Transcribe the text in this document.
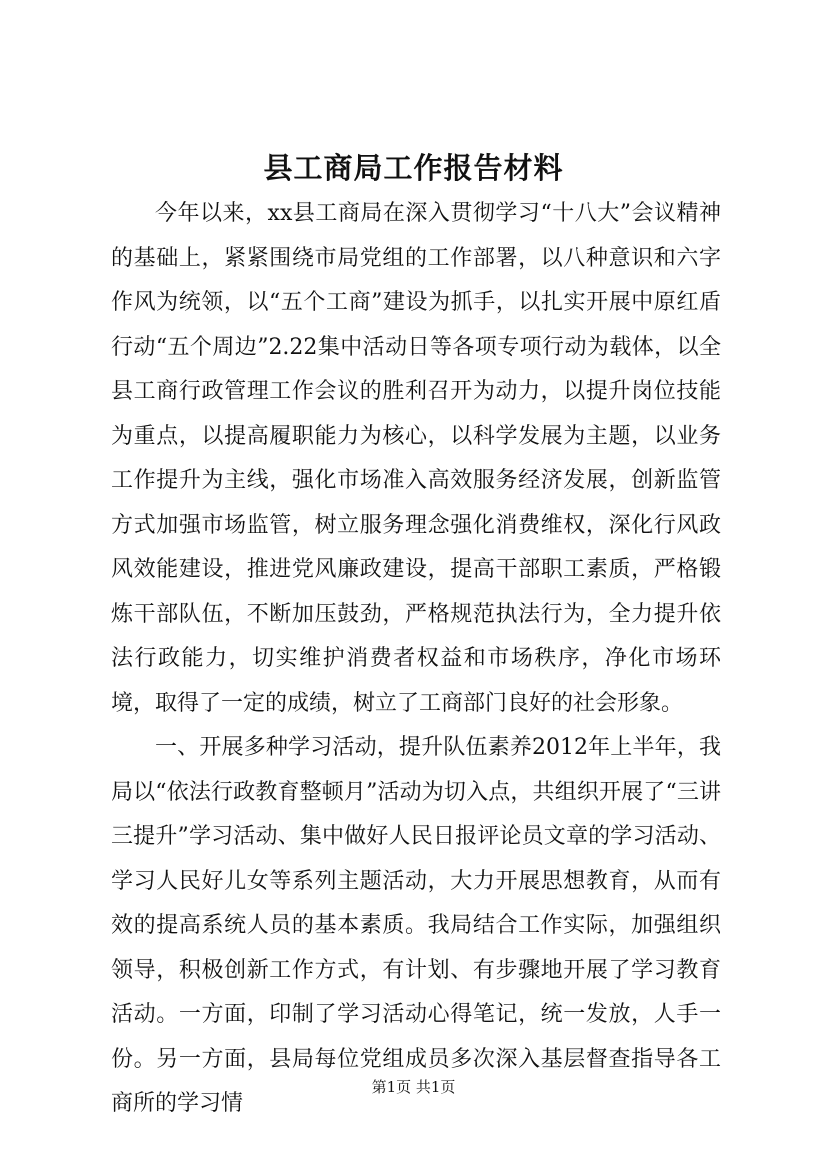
县工商局工作报告材料

今年以来，xx县工商局在深入贯彻学习“十八大”会议精神的基础上，紧紧围绕市局党组的工作部署，以八种意识和六字作风为统领，以“五个工商”建设为抓手，以扎实开展中原红盾行动“五个周边”2.22集中活动日等各项专项行动为载体，以全县工商行政管理工作会议的胜利召开为动力，以提升岗位技能为重点，以提高履职能力为核心，以科学发展为主题，以业务工作提升为主线，强化市场准入高效服务经济发展，创新监管方式加强市场监管，树立服务理念强化消费维权，深化行风政风效能建设，推进党风廉政建设，提高干部职工素质，严格锻炼干部队伍，不断加压鼓劲，严格规范执法行为，全力提升依法行政能力，切实维护消费者权益和市场秩序，净化市场环境，取得了一定的成绩，树立了工商部门良好的社会形象。

一、开展多种学习活动，提升队伍素养2012年上半年，我局以“依法行政教育整顿月”活动为切入点，共组织开展了“三讲三提升”学习活动、集中做好人民日报评论员文章的学习活动、学习人民好儿女等系列主题活动，大力开展思想教育，从而有效的提高系统人员的基本素质。我局结合工作实际，加强组织领导，积极创新工作方式，有计划、有步骤地开展了学习教育活动。一方面，印制了学习活动心得笔记，统一发放，人手一份。另一方面，县局每位党组成员多次深入基层督查指导各工商所的学习情

第1页 共1页
